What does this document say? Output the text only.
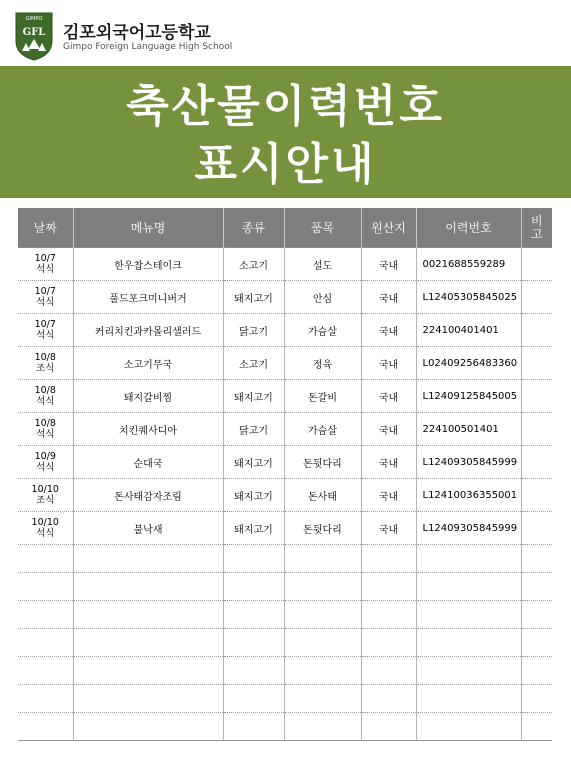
GIMPO
GFL 김포외국어고등학교
Gimpo Foreign Language High School
축산물이력번호
표시안내
날짜	메뉴명	종류	품목	원산지	이력번호	비
고

10/7
석식	한우찹스테이크	소고기	설도	국내	0021688559289	

10/7
석식	풀드포크미니버거	돼지고기	안심	국내	L12405305845025	

10/7
석식	커리치킨과카몰리샐러드	닭고기	가슴살	국내	224100401401	

10/8
조식	소고기무국	소고기	정육	국내	L02409256483360	

10/8
석식	돼지갈비찜	돼지고기	돈갈비	국내	L12409125845005	

10/8
석식	치킨퀘사디아	닭고기	가슴살	국내	224100501401	

10/9
석식	순대국	돼지고기	돈뒷다리	국내	L12409305845999	

10/10
조식	돈사태감자조림	돼지고기	돈사태	국내	L12410036355001	

10/10
석식	불낙새	돼지고기	돈뒷다리	국내	L12409305845999	
